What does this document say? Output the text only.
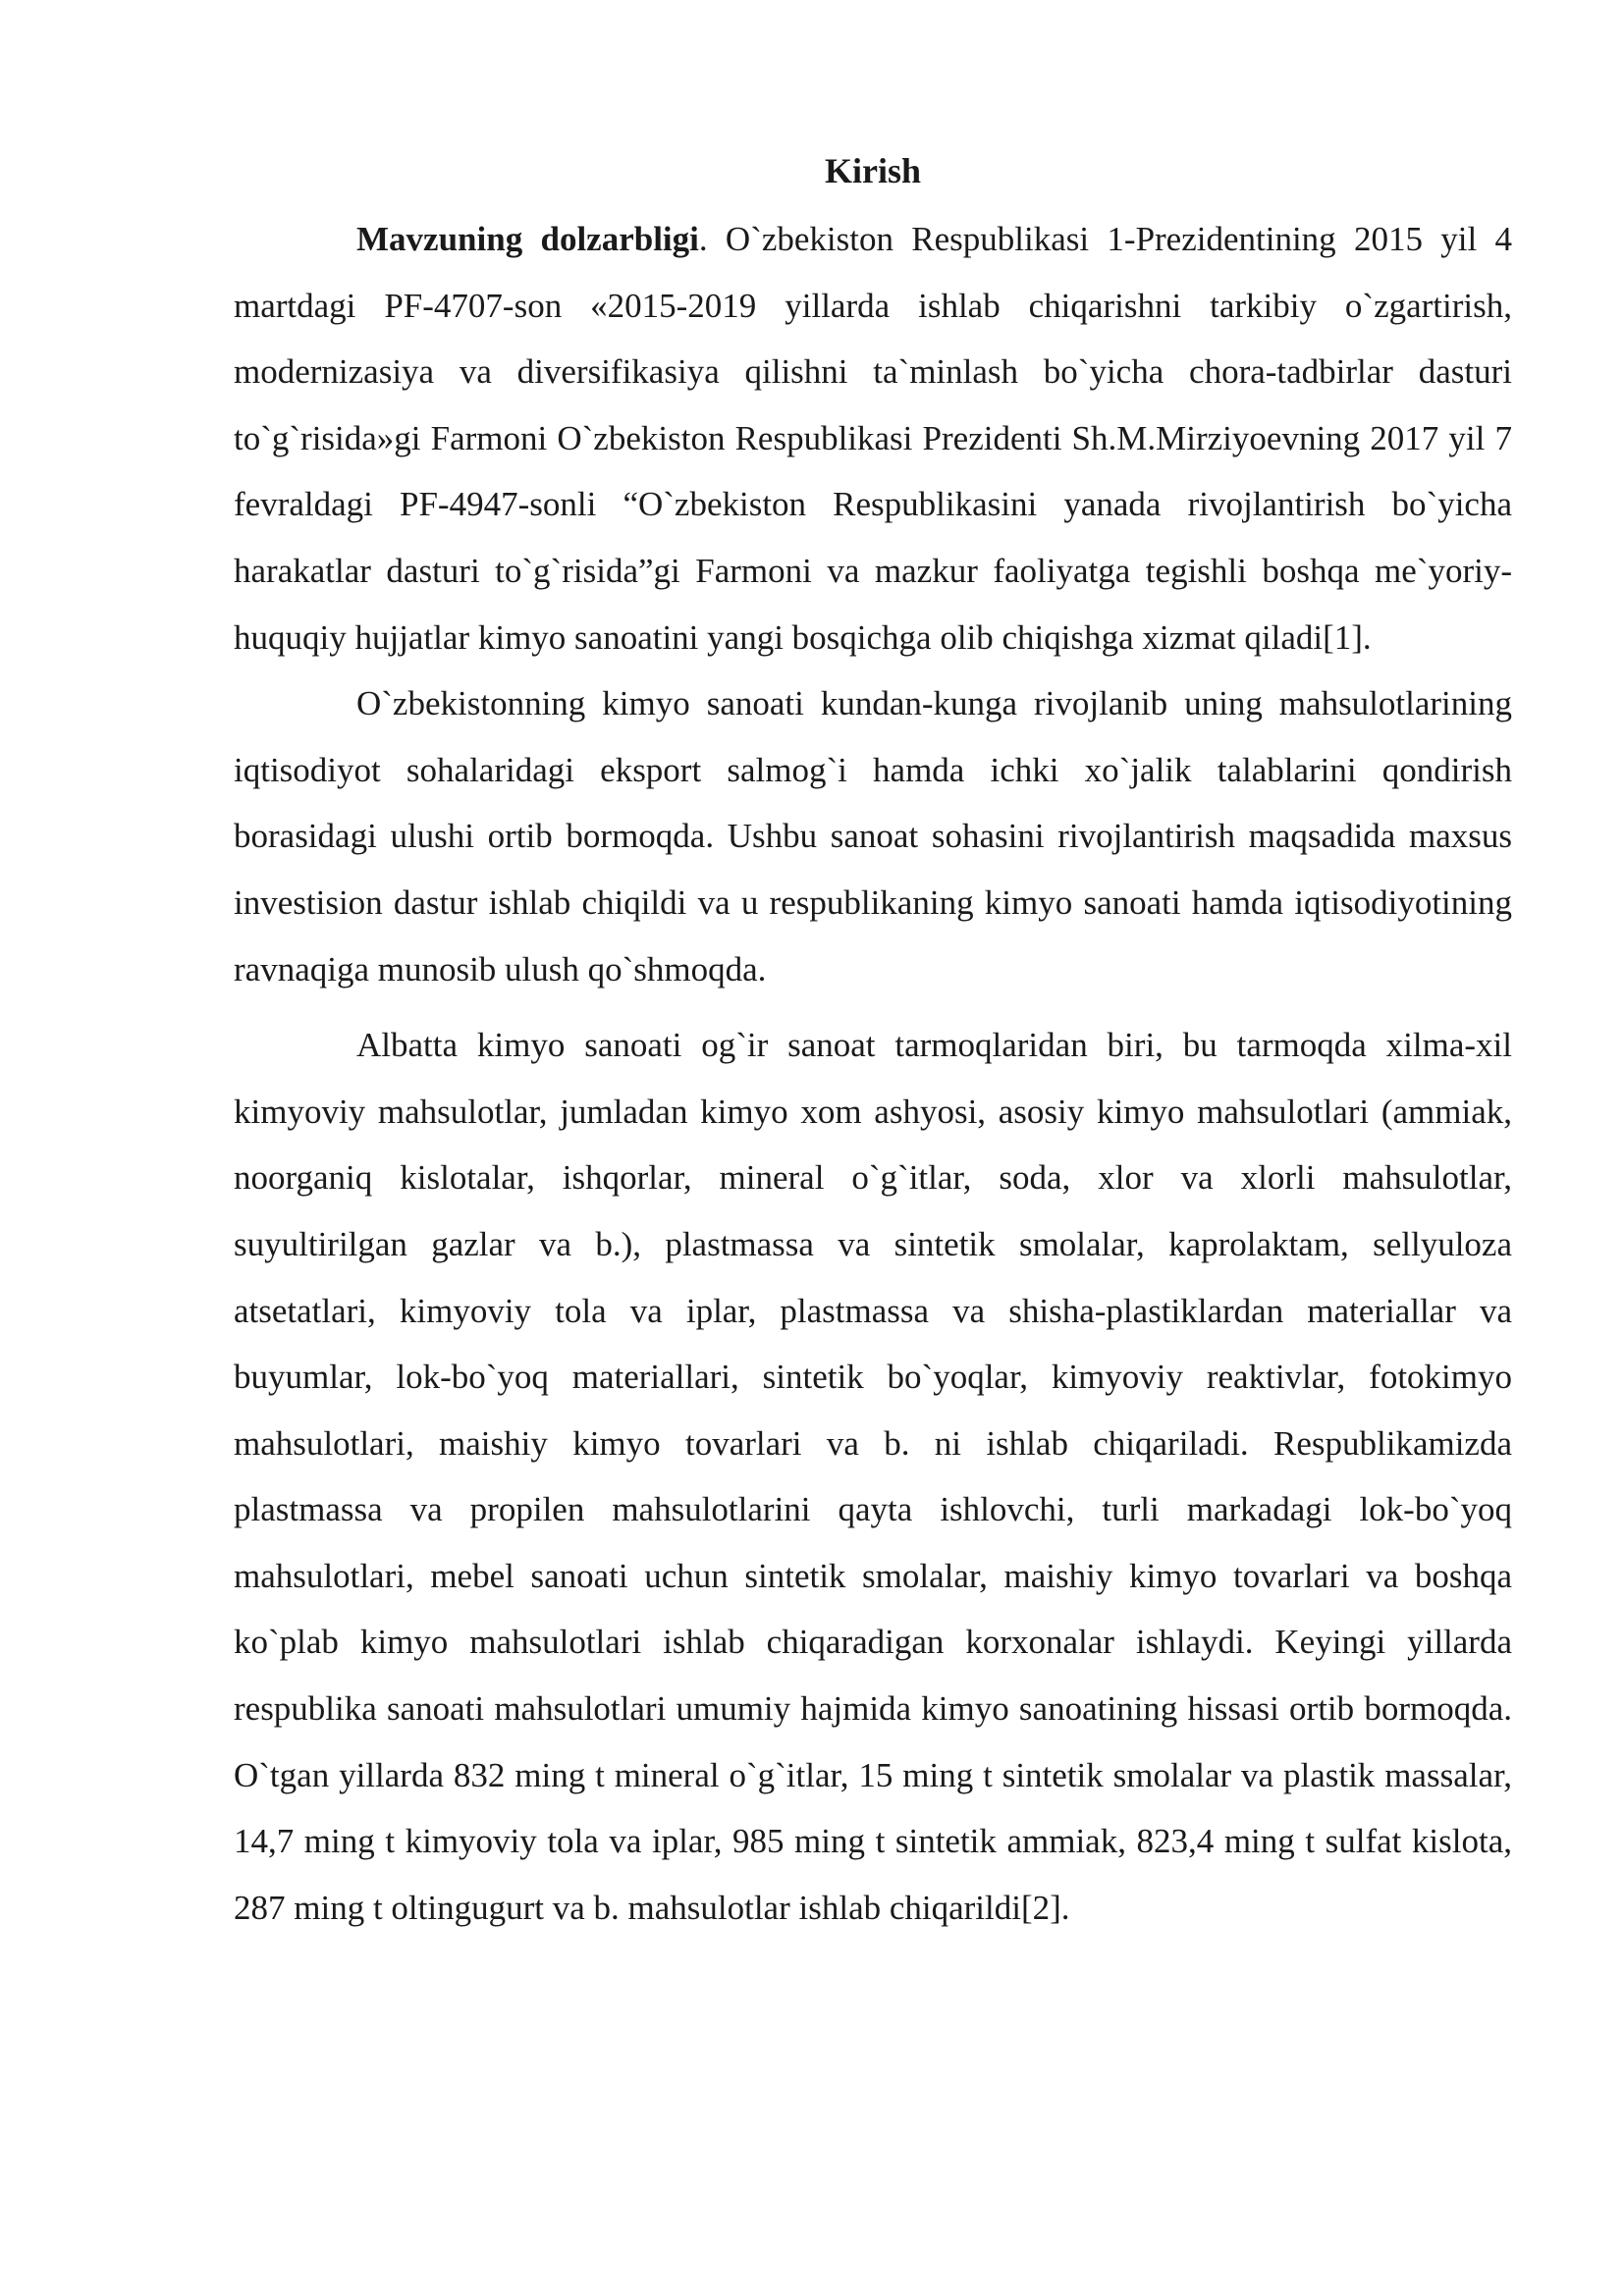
Kirish

Mavzuning dolzarbligi. O`zbekiston Respublikasi 1-Prezidentining 2015 yil 4 martdagi PF-4707-son «2015-2019 yillarda ishlab chiqarishni tarkibiy o`zgartirish, modernizasiya va diversifikasiya qilishni ta`minlash bo`yicha chora-tadbirlar dasturi to`g`risida»gi Farmoni O`zbekiston Respublikasi Prezidenti Sh.M.Mirziyoevning 2017 yil 7 fevraldagi PF-4947-sonli “O`zbekiston Respublikasini yanada rivojlantirish bo`yicha harakatlar dasturi to`g`risida”gi Farmoni va mazkur faoliyatga tegishli boshqa me`yoriy-huquqiy hujjatlar kimyo sanoatini yangi bosqichga olib chiqishga xizmat qiladi[1].

O`zbekistonning kimyo sanoati kundan-kunga rivojlanib uning mahsulotlarining iqtisodiyot sohalaridagi eksport salmog`i hamda ichki xo`jalik talablarini qondirish borasidagi ulushi ortib bormoqda. Ushbu sanoat sohasini rivojlantirish maqsadida maxsus investision dastur ishlab chiqildi va u respublikaning kimyo sanoati hamda iqtisodiyotining ravnaqiga munosib ulush qo`shmoqda.

Albatta kimyo sanoati og`ir sanoat tarmoqlaridan biri, bu tarmoqda xilma-xil kimyoviy mahsulotlar, jumladan kimyo xom ashyosi, asosiy kimyo mahsulotlari (ammiak, noorganiq kislotalar, ishqorlar, mineral o`g`itlar, soda, xlor va xlorli mahsulotlar, suyultirilgan gazlar va b.), plastmassa va sintetik smolalar, kaprolaktam, sellyuloza atsetatlari, kimyoviy tola va iplar, plastmassa va shisha-plastiklardan materiallar va buyumlar, lok-bo`yoq materiallari, sintetik bo`yoqlar, kimyoviy reaktivlar, fotokimyo mahsulotlari, maishiy kimyo tovarlari va b. ni ishlab chiqariladi. Respublikamizda plastmassa va propilen mahsulotlarini qayta ishlovchi, turli markadagi lok-bo`yoq mahsulotlari, mebel sanoati uchun sintetik smolalar, maishiy kimyo tovarlari va boshqa ko`plab kimyo mahsulotlari ishlab chiqaradigan korxonalar ishlaydi. Keyingi yillarda respublika sanoati mahsulotlari umumiy hajmida kimyo sanoatining hissasi ortib bormoqda. O`tgan yillarda 832 ming t mineral o`g`itlar, 15 ming t sintetik smolalar va plastik massalar, 14,7 ming t kimyoviy tola va iplar, 985 ming t sintetik ammiak, 823,4 ming t sulfat kislota, 287 ming t oltingugurt va b. mahsulotlar ishlab chiqarildi[2].
